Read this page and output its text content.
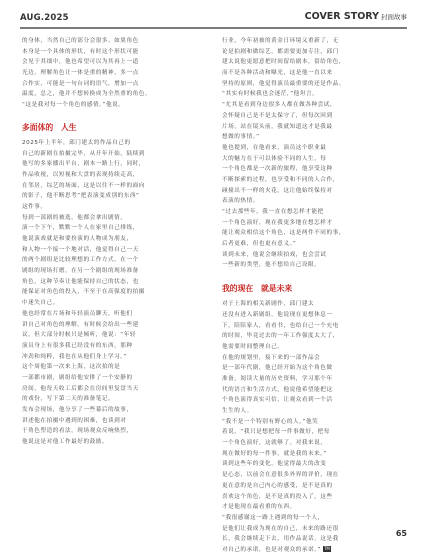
AUG.2025	COVER STORY 封面故事
的身体，当然自己的部分会很多。如果角色
本身是一个具体的形状，有时这个形状可能
会见于其细中，他也希望可以为其再上一道
光边。理解角色让一体是重的精神，多一点
合作实，可能是一句台词的语气，增加一点
温度，总之，他并不想转换成为全然重的角色。
“这是我对每一个角色的感情。”他说。
多面体的　人生
2025年上半年，邱门建太的作品自己的
自己的新剧在拍摄完毕，从开年开始，陆续到
他写的多家播出平台，剧本一路上行，同时，
作品收视，以短视和大盘的表现持续走高，
在邻居，综艺的场面，这是以往不一样的面向
的影子，他不断思考“把表演变成别的东西”
这件事。
每到一部剧的被选，他都会拿出剧情，
演一个下午，默默一个人在家里自己排练，
他说演戏就是和要扮演的人物成为朋友，
和人物一个接一个地对话，他觉得自己一天
的两个剧组是比较理想的工作方式，在一个
剧组的现场打磨，在另一个剧组的现场准备
角色，这种节奏让他能保持自己的状态，也
能保证对角色的投入，不至于在高强度的拍摄
中迷失自己。
他也经常在片场和年轻演员聊天，听他们
讲自己对角色的理解，有时候会给出一些建
议，但大部分时候只是倾听，他说：“年轻
演员身上有很多我已经没有的东西，那种
冲劲和纯粹，我也在从他们身上学习。”
这个周他第一次来上海，这次拍的是
一部都市剧，剧组给他安排了一个安静的
房间，他每天收工后都会在房间里复盘当天
的戏份，写下第二天的准备笔记。
发布会现场，他分享了一些幕后的故事，
讲述他在拍摄中遇到的困难，也谈到对
于角色塑造的看法，现场观众反响热烈，
他说这是对他工作最好的鼓励。
行业，今年初被的黄金日环境又重新了，无
论是拍剧和做综艺，都需要更加专注，邱门
建太说他更愿意把时间留给剧本，留给角色，
而不是各种活动和曝光，这是他一直以来
坚持的原则，他觉得演员最重要的还是作品。
“其实有时候我也会迷茫，”他坦言，
“尤其是看到身边很多人都在做各种尝试，
会怀疑自己是不是太保守了，但每次回到
片场，站在镜头前，我就知道这才是我最
想做的事情。”
他也提到，在他看来，演员这个职业最
大的魅力在于可以体验不同的人生，每
一个角色都是一次新的旅程，他享受这种
不断探索的过程，也享受和不同的人合作，
碰撞出不一样的火花，这让他始终保持对
表演的热情。
“过去那些年，我一直在想怎样才能把
一个角色演好，现在我更多地在想怎样才
能让观众相信这个角色，这是两件不同的事，
后者更难，但也更有意义。”
谈到未来，他说会继续拍戏，也会尝试
一些新的类型，他不想给自己设限。
我的现在　就是未来
对于上海的相关新剧作，邱门建太
还没有进入新剧组，他说现在更想休息一
下，陪陪家人，看看书，也给自己一个充电
的时间，毕竟过去的一年工作强度太大了，
他需要时间整理自己。
在他的规划里，接下来的一部作品会
是一部年代剧，他已经开始为这个角色做
准备，阅读大量的历史资料，学习那个年
代的语言和生活方式，他说他希望能把这
个角色演得真实可信，让观众看到一个活
生生的人。
“我不是一个特别有野心的人，”他笑
着说，“我只是想把每一件事做好，把每
一个角色演好，这就够了。对我来说，
现在做好的每一件事，就是我的未来。”
谈到这些年的变化，他觉得最大的改变
是心态，以前会在意很多外界的评价，现在
更在意的是自己内心的感受，是不是真的
喜欢这个角色，是不是真的投入了，这些
才是他现在最看重的东西。
“我很感谢这一路上遇到的每一个人，
是他们让我成为现在的自己，未来的路还很
长，我会继续走下去，用作品说话，这是我
对自己的承诺，也是对观众的承诺。” TM
65
